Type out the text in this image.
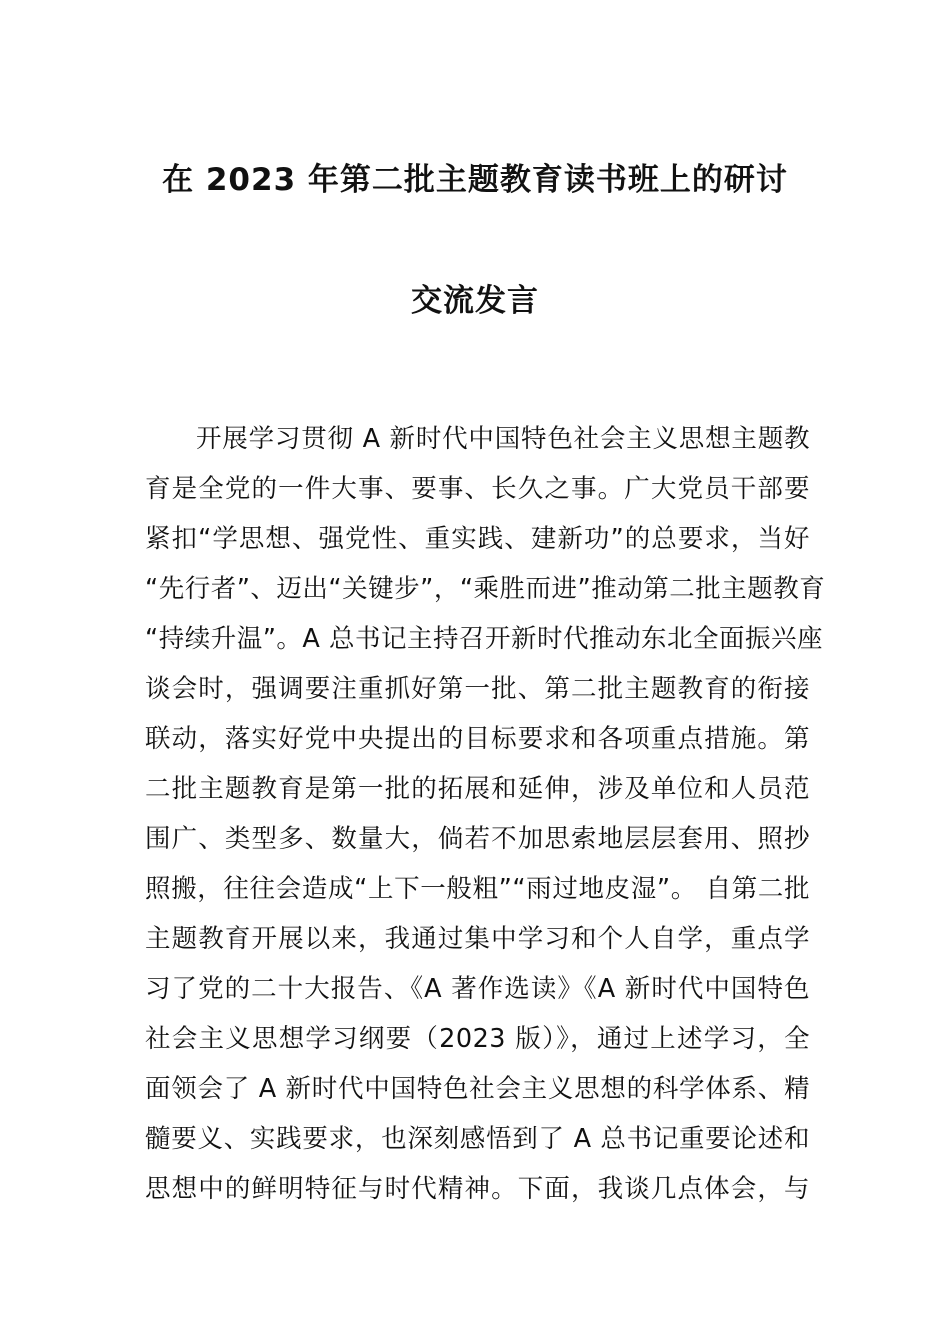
在 2023 年第二批主题教育读书班上的研讨
交流发言
开展学习贯彻 A 新时代中国特色社会主义思想主题教
育是全党的一件大事、要事、长久之事。广大党员干部要
紧扣“学思想、强党性、重实践、建新功”的总要求，当好
“先行者”、迈出“关键步”，“乘胜而进”推动第二批主题教育
“持续升温”。A 总书记主持召开新时代推动东北全面振兴座
谈会时，强调要注重抓好第一批、第二批主题教育的衔接
联动，落实好党中央提出的目标要求和各项重点措施。第
二批主题教育是第一批的拓展和延伸，涉及单位和人员范
围广、类型多、数量大，倘若不加思索地层层套用、照抄
照搬，往往会造成“上下一般粗”“雨过地皮湿”。 自第二批
主题教育开展以来，我通过集中学习和个人自学，重点学
习了党的二十大报告、《A 著作选读》《A 新时代中国特色
社会主义思想学习纲要（2023 版）》，通过上述学习，全
面领会了 A 新时代中国特色社会主义思想的科学体系、精
髓要义、实践要求，也深刻感悟到了 A 总书记重要论述和
思想中的鲜明特征与时代精神。下面，我谈几点体会，与
